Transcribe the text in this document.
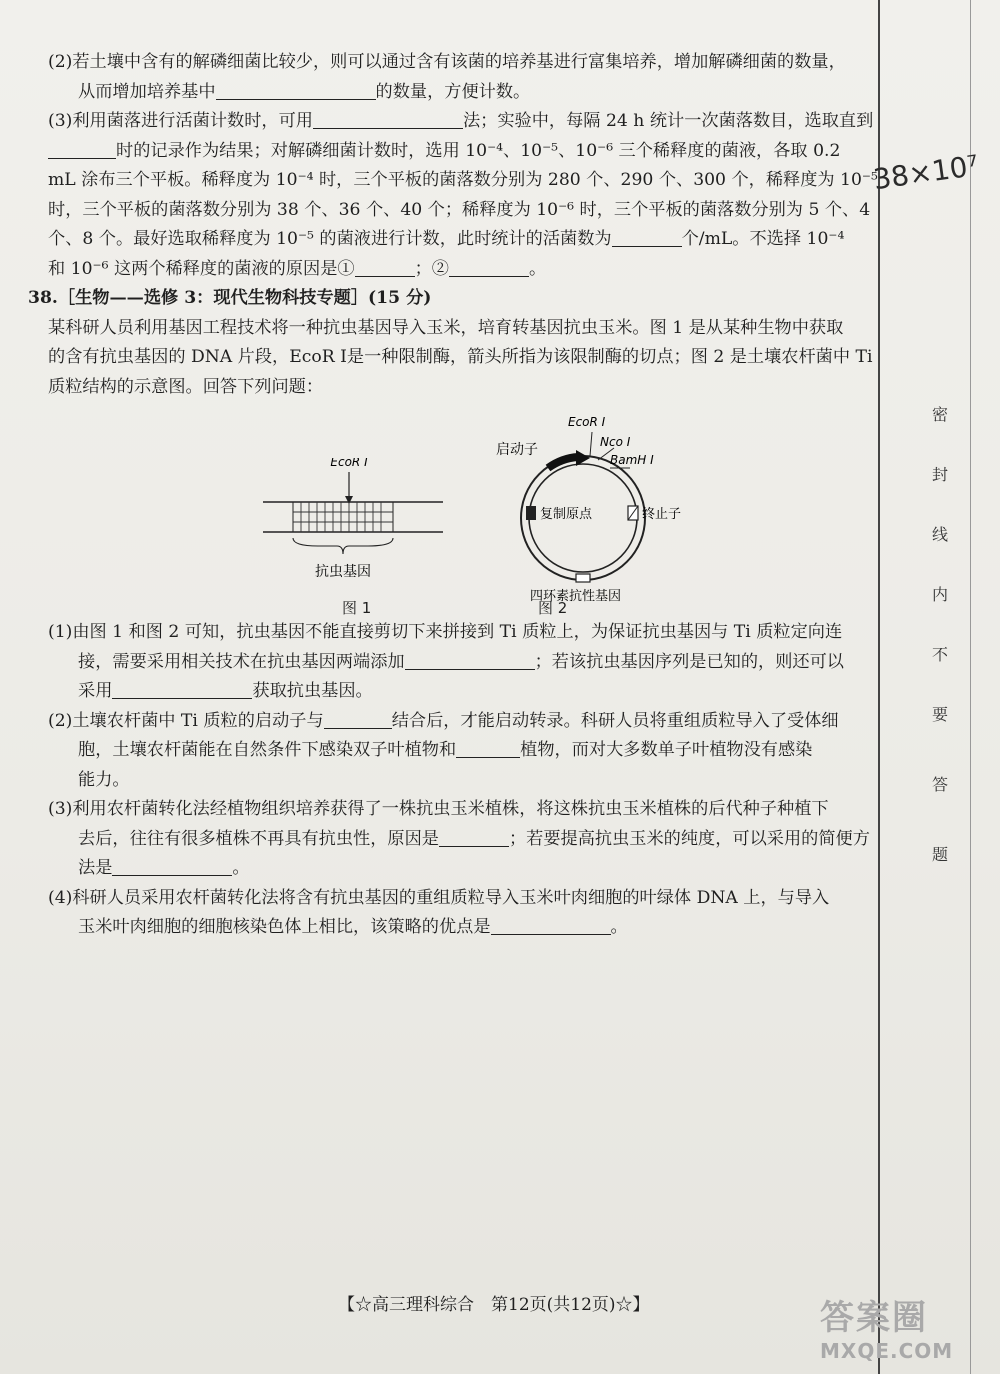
(2)若土壤中含有的解磷细菌比较少，则可以通过含有该菌的培养基进行富集培养，增加解磷细菌的数量，

从而增加培养基中	的数量，方便计数。

(3)利用菌落进行活菌计数时，可用	法；实验中，每隔 24 h 统计一次菌落数目，选取直到

时的记录作为结果；对解磷细菌计数时，选用 10⁻⁴、10⁻⁵、10⁻⁶ 三个稀释度的菌液，各取 0.2

mL 涂布三个平板。稀释度为 10⁻⁴ 时，三个平板的菌落数分别为 280 个、290 个、300 个，稀释度为 10⁻⁵

时，三个平板的菌落数分别为 38 个、36 个、40 个；稀释度为 10⁻⁶ 时，三个平板的菌落数分别为 5 个、4

个、8 个。最好选取稀释度为 10⁻⁵ 的菌液进行计数，此时统计的活菌数为	个/mL。不选择 10⁻⁴

和 10⁻⁶ 这两个稀释度的菌液的原因是①	；②	。

38.［生物——选修 3：现代生物科技专题］(15 分)

某科研人员利用基因工程技术将一种抗虫基因导入玉米，培育转基因抗虫玉米。图 1 是从某种生物中获取

的含有抗虫基因的 DNA 片段，EcoR Ⅰ是一种限制酶，箭头所指为该限制酶的切点；图 2 是土壤农杆菌中 Ti

质粒结构的示意图。回答下列问题：

EcoR Ⅰ
抗虫基因
图 1
启动子
EcoR Ⅰ
Nco Ⅰ
BamH Ⅰ
复制原点	终止子
四环素抗性基因
图 2

(1)由图 1 和图 2 可知，抗虫基因不能直接剪切下来拼接到 Ti 质粒上，为保证抗虫基因与 Ti 质粒定向连

接，需要采用相关技术在抗虫基因两端添加	；若该抗虫基因序列是已知的，则还可以

采用	获取抗虫基因。

(2)土壤农杆菌中 Ti 质粒的启动子与	结合后，才能启动转录。科研人员将重组质粒导入了受体细

胞，土壤农杆菌能在自然条件下感染双子叶植物和	植物，而对大多数单子叶植物没有感染

能力。

(3)利用农杆菌转化法经植物组织培养获得了一株抗虫玉米植株，将这株抗虫玉米植株的后代种子种植下

去后，往往有很多植株不再具有抗虫性，原因是	；若要提高抗虫玉米的纯度，可以采用的简便方

法是	。

(4)科研人员采用农杆菌转化法将含有抗虫基因的重组质粒导入玉米叶肉细胞的叶绿体 DNA 上，与导入

玉米叶肉细胞的细胞核染色体上相比，该策略的优点是	。

密
封
线
内
不
要
答
题
38×10⁷
【☆高三理科综合　第12页(共12页)☆】	答案圈
MXQE.COM
